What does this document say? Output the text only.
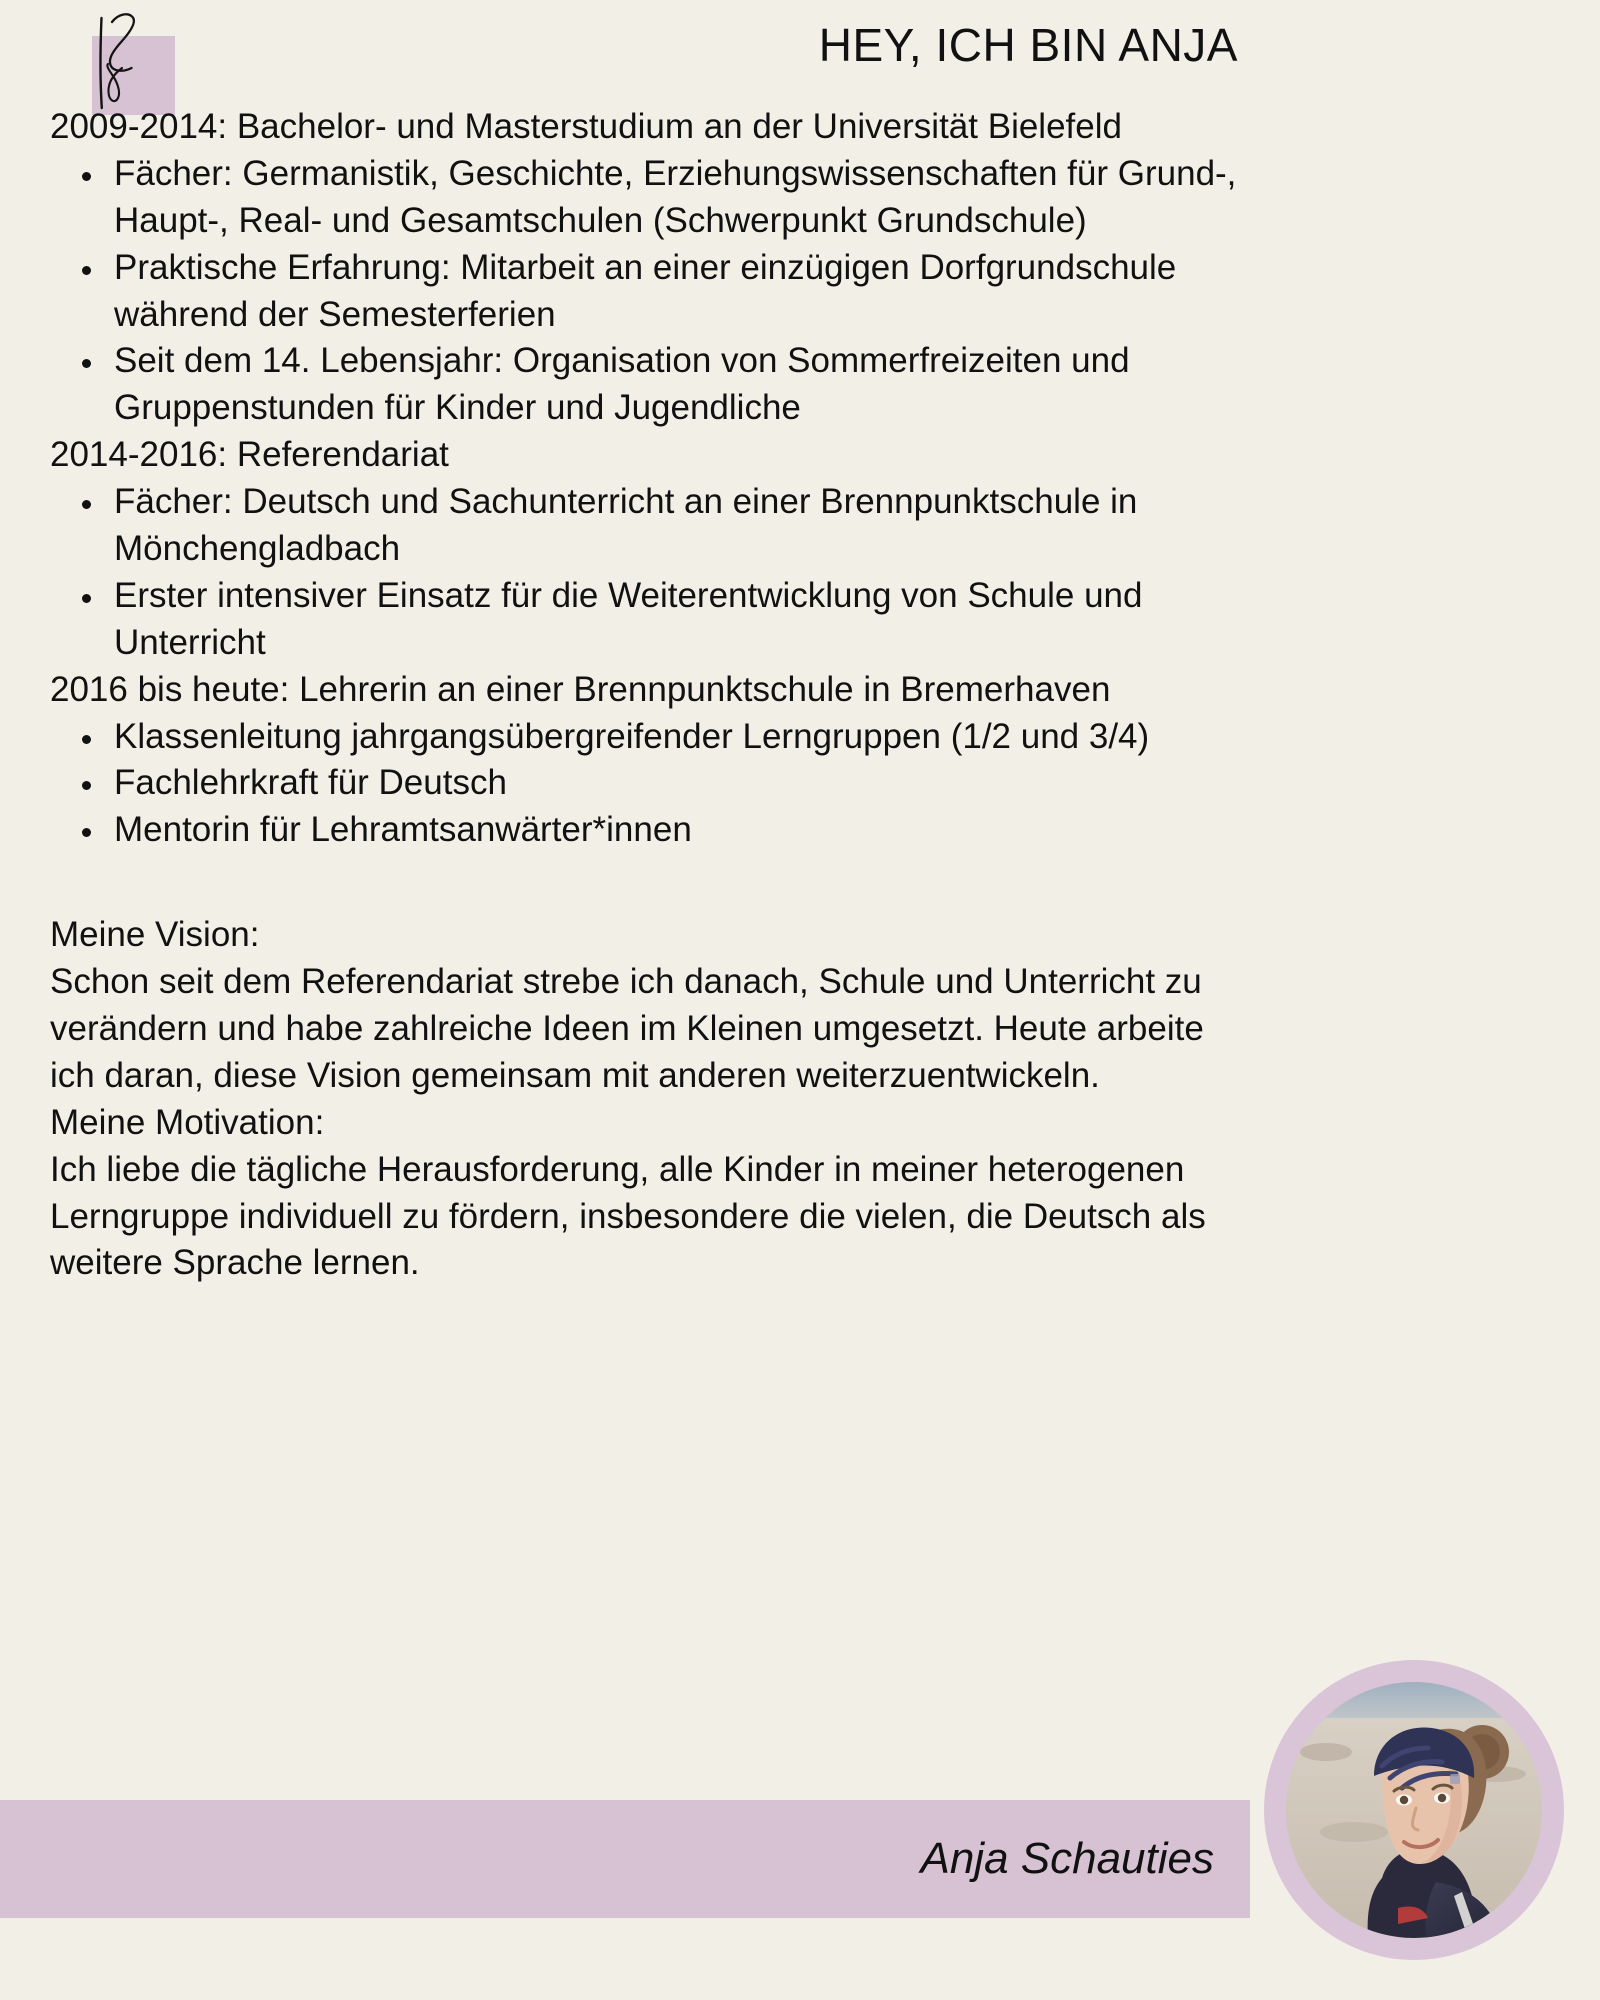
HEY, ICH BIN ANJA
2009-2014: Bachelor- und Masterstudium an der Universität Bielefeld
Fächer: Germanistik, Geschichte, Erziehungswissenschaften für Grund-, Haupt-, Real- und Gesamtschulen (Schwerpunkt Grundschule)
Praktische Erfahrung: Mitarbeit an einer einzügigen Dorfgrundschule während der Semesterferien
Seit dem 14. Lebensjahr: Organisation von Sommerfreizeiten und Gruppenstunden für Kinder und Jugendliche
2014-2016: Referendariat
Fächer: Deutsch und Sachunterricht an einer Brennpunktschule in Mönchengladbach
Erster intensiver Einsatz für die Weiterentwicklung von Schule und Unterricht
2016 bis heute: Lehrerin an einer Brennpunktschule in Bremerhaven
Klassenleitung jahrgangsübergreifender Lerngruppen (1/2 und 3/4)
Fachlehrkraft für Deutsch
Mentorin für Lehramtsanwärter*innen
Meine Vision:
Schon seit dem Referendariat strebe ich danach, Schule und Unterricht zu verändern und habe zahlreiche Ideen im Kleinen umgesetzt. Heute arbeite ich daran, diese Vision gemeinsam mit anderen weiterzuentwickeln.
Meine Motivation:
Ich liebe die tägliche Herausforderung, alle Kinder in meiner heterogenen Lerngruppe individuell zu fördern, insbesondere die vielen, die Deutsch als weitere Sprache lernen.
Anja Schauties
